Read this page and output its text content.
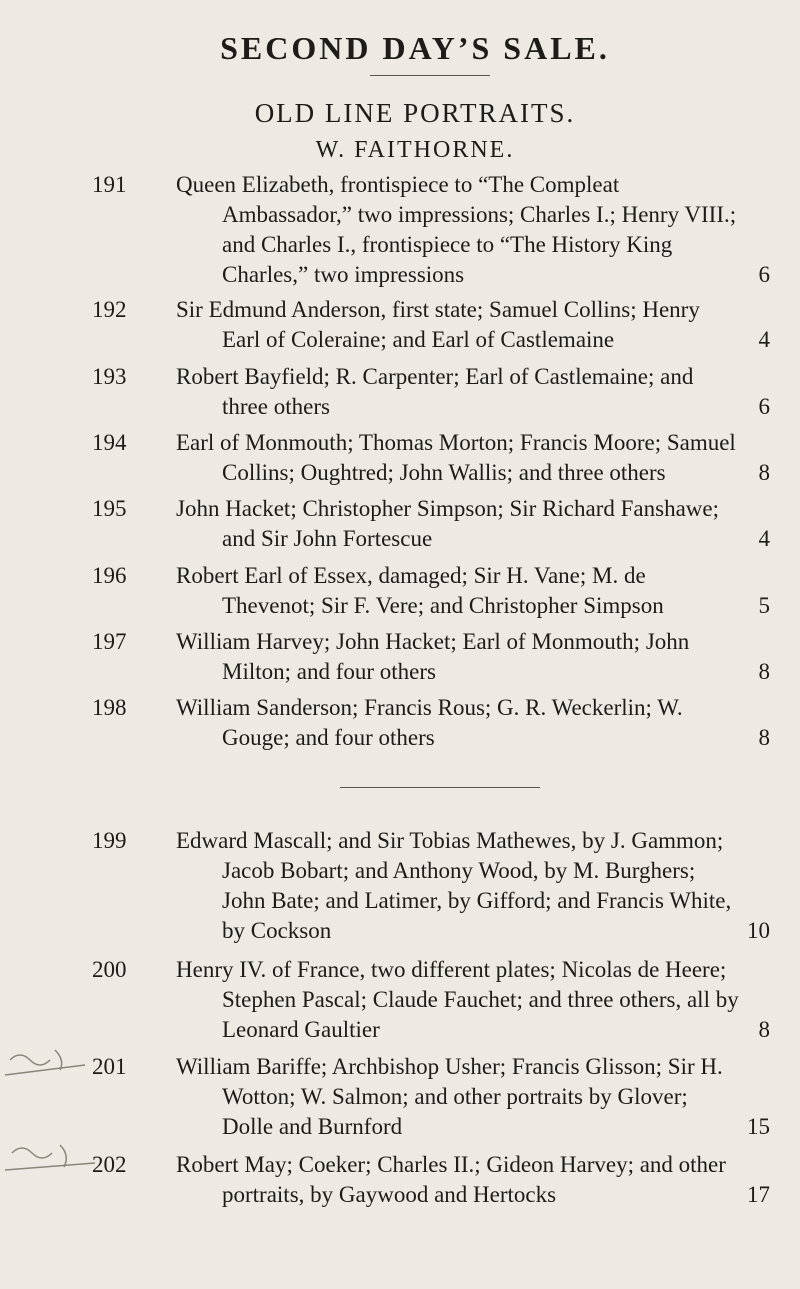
SECOND DAY’S SALE.
OLD LINE PORTRAITS.
W. FAITHORNE.
191 Queen Elizabeth, frontispiece to “The Compleat Ambassador,” two impressions; Charles I.; Henry VIII.; and Charles I., frontispiece to “The History King Charles,” two impressions	6
192 Sir Edmund Anderson, first state; Samuel Collins; Henry Earl of Coleraine; and Earl of Castlemaine	4
193 Robert Bayfield; R. Carpenter; Earl of Castlemaine; and three others	6
194 Earl of Monmouth; Thomas Morton; Francis Moore; Samuel Collins; Oughtred; John Wallis; and three others	8
195 John Hacket; Christopher Simpson; Sir Richard Fanshawe; and Sir John Fortescue	4
196 Robert Earl of Essex, damaged; Sir H. Vane; M. de Thevenot; Sir F. Vere; and Christopher Simpson	5
197 William Harvey; John Hacket; Earl of Monmouth; John Milton; and four others	8
198 William Sanderson; Francis Rous; G. R. Weckerlin; W. Gouge; and four others	8
199 Edward Mascall; and Sir Tobias Mathewes, by J. Gammon; Jacob Bobart; and Anthony Wood, by M. Burghers; John Bate; and Latimer, by Gifford; and Francis White, by Cockson	10
200 Henry IV. of France, two different plates; Nicolas de Heere; Stephen Pascal; Claude Fauchet; and three others, all by Leonard Gaultier	8
201 William Bariffe; Archbishop Usher; Francis Glisson; Sir H. Wotton; W. Salmon; and other portraits by Glover; Dolle and Burnford	15
202 Robert May; Coeker; Charles II.; Gideon Harvey; and other portraits, by Gaywood and Hertocks	17
